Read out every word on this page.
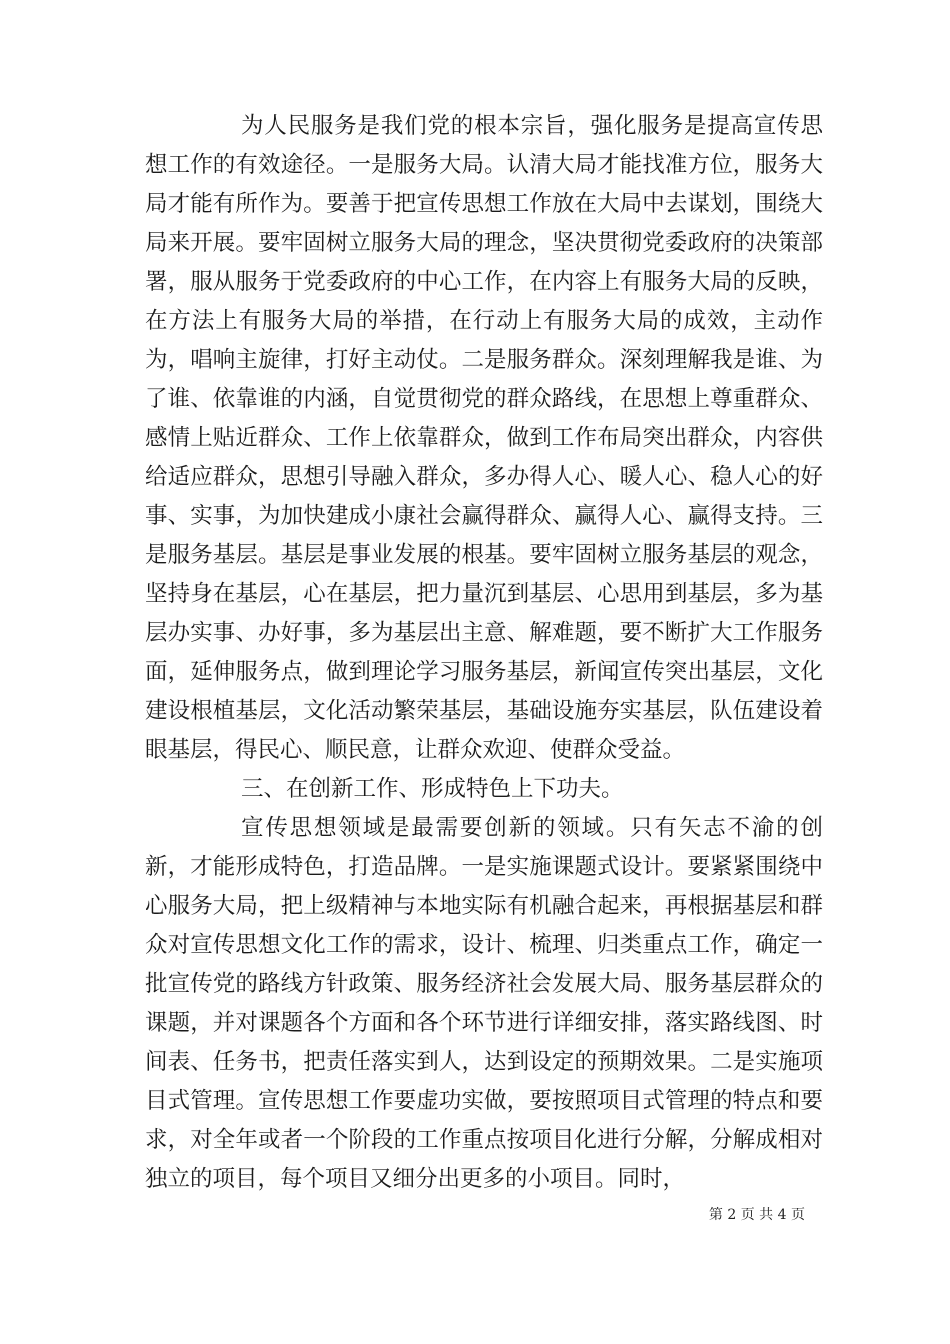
为人民服务是我们党的根本宗旨，强化服务是提高宣传思想工作的有效途径。一是服务大局。认清大局才能找准方位，服务大局才能有所作为。要善于把宣传思想工作放在大局中去谋划，围绕大局来开展。要牢固树立服务大局的理念，坚决贯彻党委政府的决策部署，服从服务于党委政府的中心工作，在内容上有服务大局的反映，在方法上有服务大局的举措，在行动上有服务大局的成效，主动作为，唱响主旋律，打好主动仗。二是服务群众。深刻理解我是谁、为了谁、依靠谁的内涵，自觉贯彻党的群众路线，在思想上尊重群众、感情上贴近群众、工作上依靠群众，做到工作布局突出群众，内容供给适应群众，思想引导融入群众，多办得人心、暖人心、稳人心的好事、实事，为加快建成小康社会赢得群众、赢得人心、赢得支持。三是服务基层。基层是事业发展的根基。要牢固树立服务基层的观念，坚持身在基层，心在基层，把力量沉到基层、心思用到基层，多为基层办实事、办好事，多为基层出主意、解难题，要不断扩大工作服务面，延伸服务点，做到理论学习服务基层，新闻宣传突出基层，文化建设根植基层，文化活动繁荣基层，基础设施夯实基层，队伍建设着眼基层，得民心、顺民意，让群众欢迎、使群众受益。

三、在创新工作、形成特色上下功夫。

宣传思想领域是最需要创新的领域。只有矢志不渝的创新，才能形成特色，打造品牌。一是实施课题式设计。要紧紧围绕中心服务大局，把上级精神与本地实际有机融合起来，再根据基层和群众对宣传思想文化工作的需求，设计、梳理、归类重点工作，确定一批宣传党的路线方针政策、服务经济社会发展大局、服务基层群众的课题，并对课题各个方面和各个环节进行详细安排，落实路线图、时间表、任务书，把责任落实到人，达到设定的预期效果。二是实施项目式管理。宣传思想工作要虚功实做，要按照项目式管理的特点和要求，对全年或者一个阶段的工作重点按项目化进行分解，分解成相对独立的项目，每个项目又细分出更多的小项目。同时，

第 2 页 共 4 页
